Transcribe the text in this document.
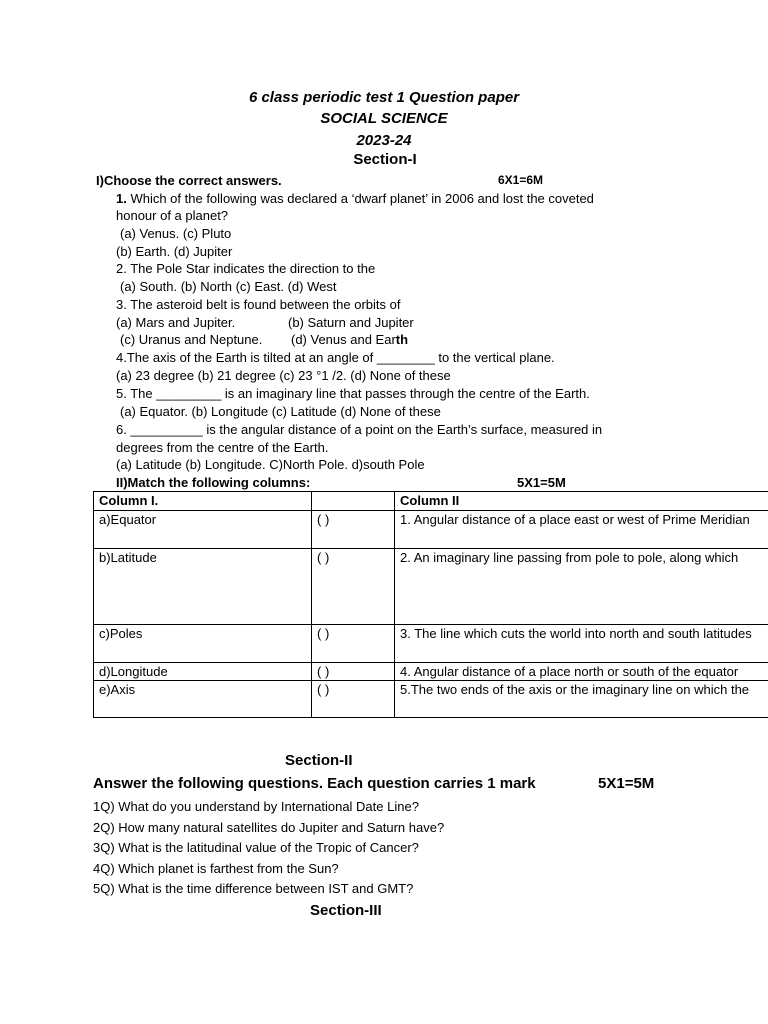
6 class periodic test 1 Question paper
SOCIAL SCIENCE
2023-24
Section-I
I)Choose the correct answers.	6X1=6M
1. Which of the following was declared a ‘dwarf planet’ in 2006 and lost the coveted
honour of a planet?
(a) Venus. (c) Pluto
(b) Earth. (d) Jupiter
2. The Pole Star indicates the direction to the
(a) South. (b) North (c) East. (d) West
3. The asteroid belt is found between the orbits of
(a) Mars and Jupiter.	(b) Saturn and Jupiter
(c) Uranus and Neptune. (d) Venus and Earth
4.The axis of the Earth is tilted at an angle of ________ to the vertical plane.
(a) 23 degree (b) 21 degree (c) 23 °1 /2. (d) None of these
5. The _________ is an imaginary line that passes through the centre of the Earth.
(a) Equator. (b) Longitude (c) Latitude (d) None of these
6. __________ is the angular distance of a point on the Earth’s surface, measured in
degrees from the centre of the Earth.
(a) Latitude (b) Longitude. C)North Pole. d)south Pole
II)Match the following columns:	5X1=5M
Column I.		Column II
a)Equator	( )	1. Angular distance of a place east or west of Prime Meridian
b)Latitude	( )	2. An imaginary line passing from pole to pole, along which
c)Poles	( )	3. The line which cuts the world into north and south latitudes
d)Longitude	( )	4. Angular distance of a place north or south of the equator
e)Axis	( )	5.The two ends of the axis or the imaginary line on which the
Section-II
Answer the following questions. Each question carries 1 mark	5X1=5M
1Q) What do you understand by International Date Line?
2Q) How many natural satellites do Jupiter and Saturn have?
3Q) What is the latitudinal value of the Tropic of Cancer?
4Q) Which planet is farthest from the Sun?
5Q) What is the time difference between IST and GMT?
Section-III
